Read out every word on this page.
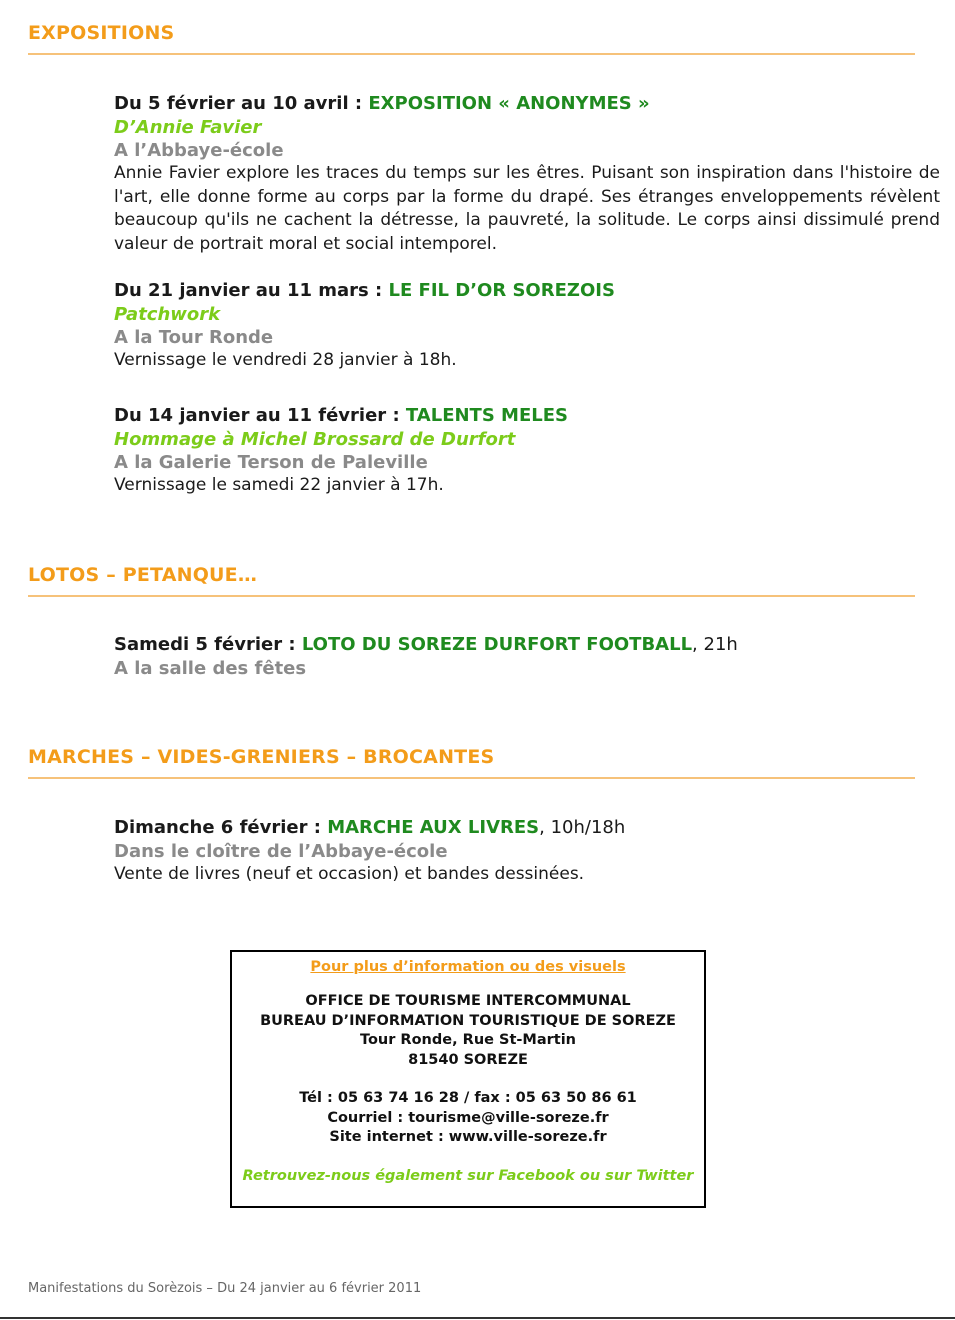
EXPOSITIONS
Du 5 février au 10 avril : EXPOSITION « ANONYMES »
D’Annie Favier
A l’Abbaye-école
Annie Favier explore les traces du temps sur les êtres. Puisant son inspiration dans l'histoire de l'art, elle donne forme au corps par la forme du drapé. Ses étranges enveloppements révèlent beaucoup qu'ils ne cachent la détresse, la pauvreté, la solitude. Le corps ainsi dissimulé prend valeur de portrait moral et social intemporel.
Du 21 janvier au 11 mars : LE FIL D’OR SOREZOIS
Patchwork
A la Tour Ronde
Vernissage le vendredi 28 janvier à 18h.
Du 14 janvier au 11 février : TALENTS MELES
Hommage à Michel Brossard de Durfort
A la Galerie Terson de Paleville
Vernissage le samedi 22 janvier à 17h.
LOTOS – PETANQUE…
Samedi 5 février : LOTO DU SOREZE DURFORT FOOTBALL, 21h
A la salle des fêtes
MARCHES – VIDES-GRENIERS – BROCANTES
Dimanche 6 février : MARCHE AUX LIVRES, 10h/18h
Dans le cloître de l’Abbaye-école
Vente de livres (neuf et occasion) et bandes dessinées.
Pour plus d’information ou des visuels
OFFICE DE TOURISME INTERCOMMUNAL
BUREAU D’INFORMATION TOURISTIQUE DE SOREZE
Tour Ronde, Rue St-Martin
81540 SOREZE
Tél : 05 63 74 16 28 / fax : 05 63 50 86 61
Courriel : tourisme@ville-soreze.fr
Site internet : www.ville-soreze.fr
Retrouvez-nous également sur Facebook ou sur Twitter
Manifestations du Sorèzois – Du 24 janvier au 6 février 2011
